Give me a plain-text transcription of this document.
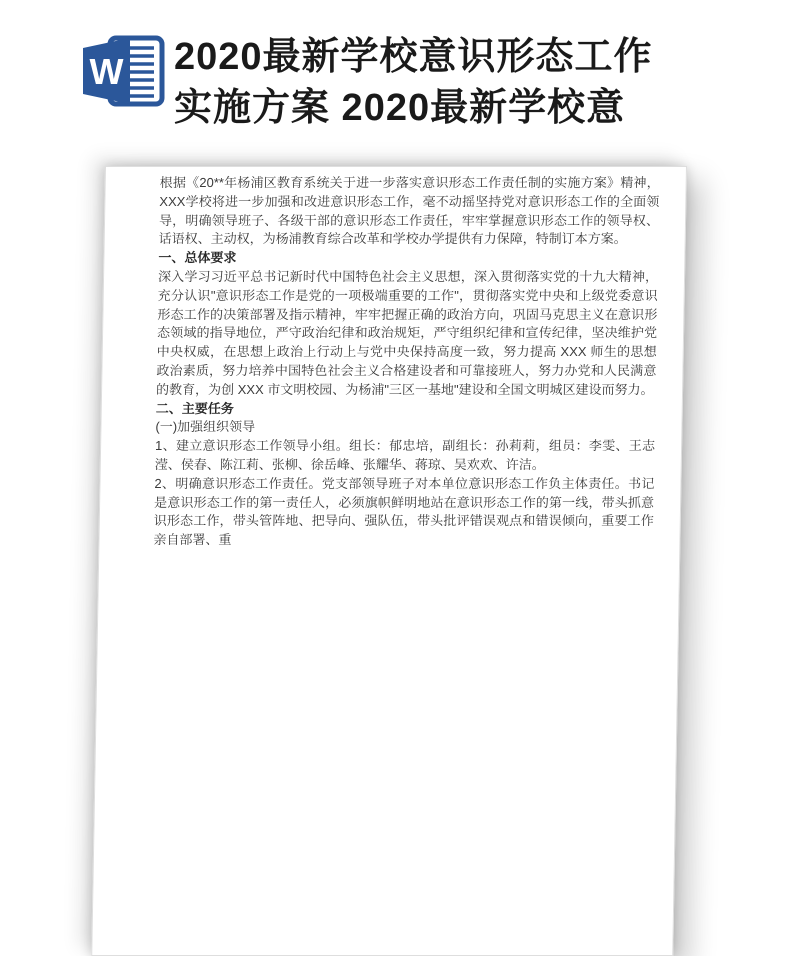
W 2020最新学校意识形态工作
实施方案 2020最新学校意

根据《20**年杨浦区教育系统关于进一步落实意识形态工作责任制的实施方案》精神，XXX学校将进一步加强和改进意识形态工作，毫不动摇坚持党对意识形态工作的全面领导，明确领导班子、各级干部的意识形态工作责任，牢牢掌握意识形态工作的领导权、话语权、主动权，为杨浦教育综合改革和学校办学提供有力保障，特制订本方案。

一、总体要求

深入学习习近平总书记新时代中国特色社会主义思想，深入贯彻落实党的十九大精神，充分认识"意识形态工作是党的一项极端重要的工作"，贯彻落实党中央和上级党委意识形态工作的决策部署及指示精神，牢牢把握正确的政治方向，巩固马克思主义在意识形态领域的指导地位，严守政治纪律和政治规矩，严守组织纪律和宣传纪律，坚决维护党中央权威，在思想上政治上行动上与党中央保持高度一致，努力提高 XXX 师生的思想政治素质，努力培养中国特色社会主义合格建设者和可靠接班人，努力办党和人民满意的教育，为创 XXX 市文明校园、为杨浦"三区一基地"建设和全国文明城区建设而努力。

二、主要任务

(一)加强组织领导

1、建立意识形态工作领导小组。组长：郁忠培，副组长：孙莉莉，组员：李雯、王志滢、侯春、陈江莉、张柳、徐岳峰、张耀华、蒋琼、吴欢欢、许洁。

2、明确意识形态工作责任。党支部领导班子对本单位意识形态工作负主体责任。书记是意识形态工作的第一责任人，必须旗帜鲜明地站在意识形态工作的第一线，带头抓意识形态工作，带头管阵地、把导向、强队伍，带头批评错误观点和错误倾向，重要工作亲自部署、重
